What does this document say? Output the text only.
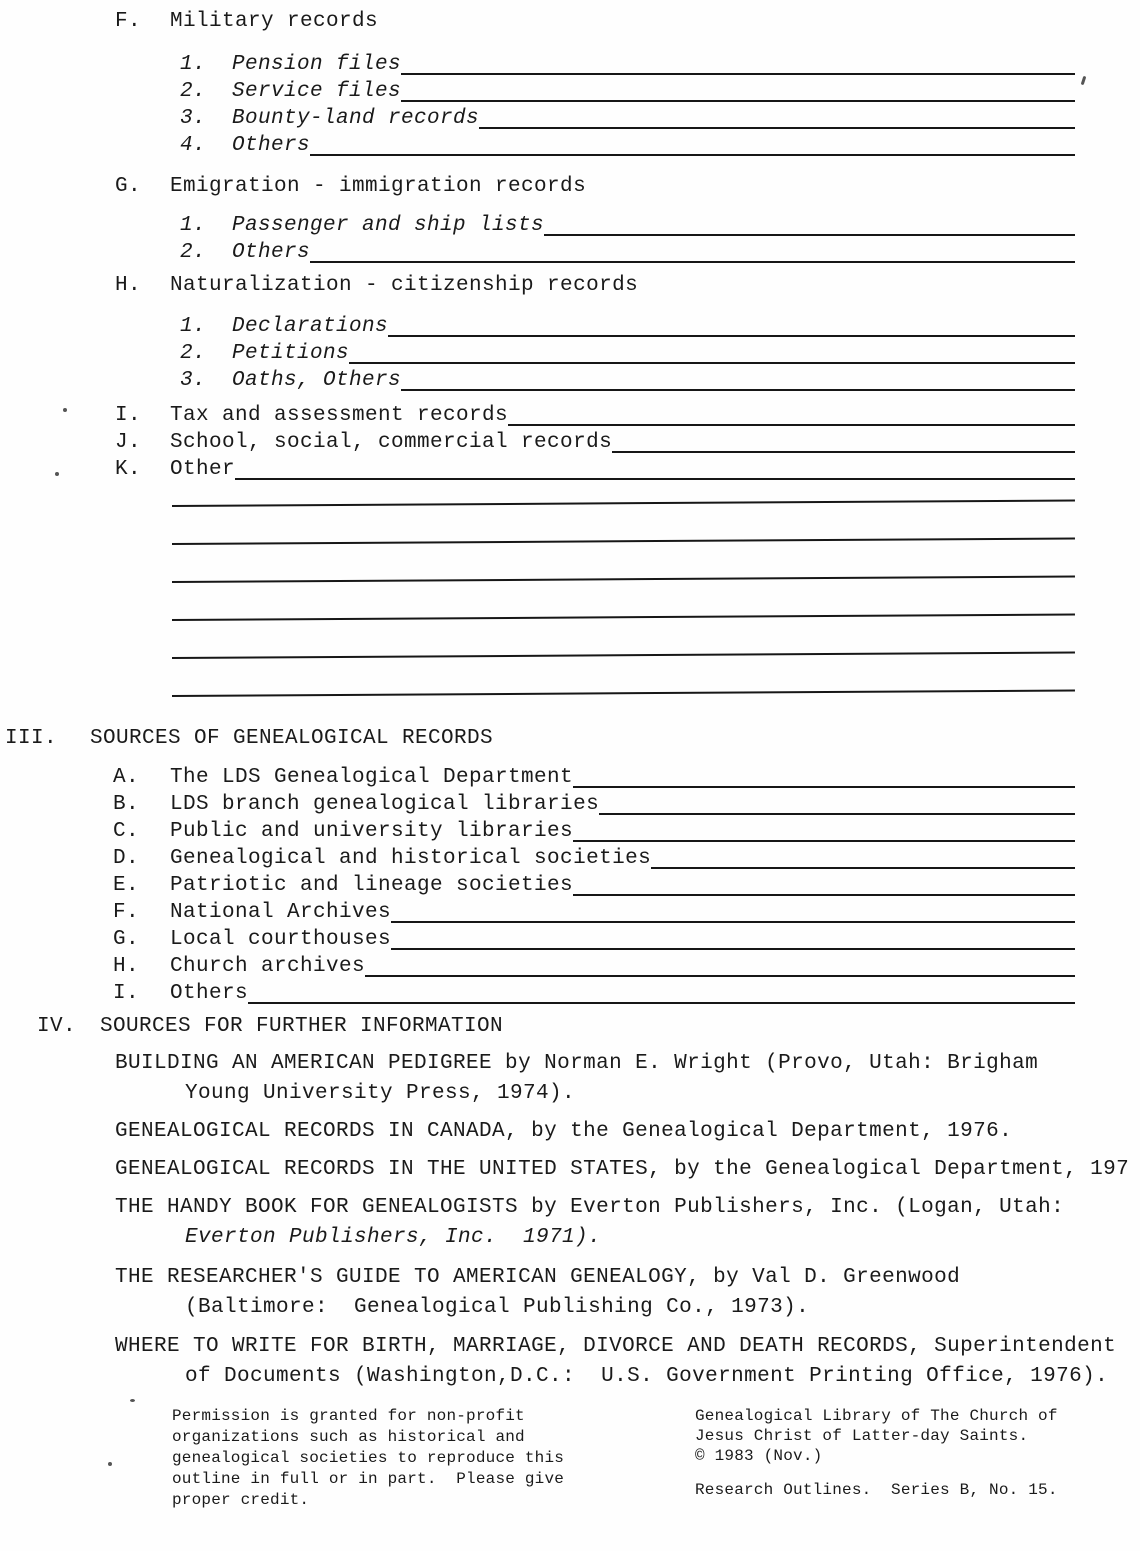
F.	Military records
1.	Pension files
2.	Service files
3.	Bounty-land records
4.	Others
G.	Emigration - immigration records
1.	Passenger and ship lists
2.	Others
H.	Naturalization - citizenship records
1.	Declarations
2.	Petitions
3.	Oaths, Others
I.	Tax and assessment records
J.	School, social, commercial records
K.	Other
III.	SOURCES OF GENEALOGICAL RECORDS
A.	The LDS Genealogical Department
B.	LDS branch genealogical libraries
C.	Public and university libraries
D.	Genealogical and historical societies
E.	Patriotic and lineage societies
F.	National Archives
G.	Local courthouses
H.	Church archives
I.	Others
IV.	SOURCES FOR FURTHER INFORMATION
BUILDING AN AMERICAN PEDIGREE by Norman E. Wright (Provo, Utah: Brigham
Young University Press, 1974).
GENEALOGICAL RECORDS IN CANADA, by the Genealogical Department, 1976.
GENEALOGICAL RECORDS IN THE UNITED STATES, by the Genealogical Department, 197
THE HANDY BOOK FOR GENEALOGISTS by Everton Publishers, Inc. (Logan, Utah:
Everton Publishers, Inc.  1971).
THE RESEARCHER'S GUIDE TO AMERICAN GENEALOGY, by Val D. Greenwood
(Baltimore:  Genealogical Publishing Co., 1973).
WHERE TO WRITE FOR BIRTH, MARRIAGE, DIVORCE AND DEATH RECORDS, Superintendent
of Documents (Washington,D.C.:  U.S. Government Printing Office, 1976).
Permission is granted for non-profit
organizations such as historical and
genealogical societies to reproduce this
outline in full or in part.  Please give
proper credit.
Genealogical Library of The Church of
Jesus Christ of Latter-day Saints.
© 1983 (Nov.)
Research Outlines.  Series B, No. 15.
